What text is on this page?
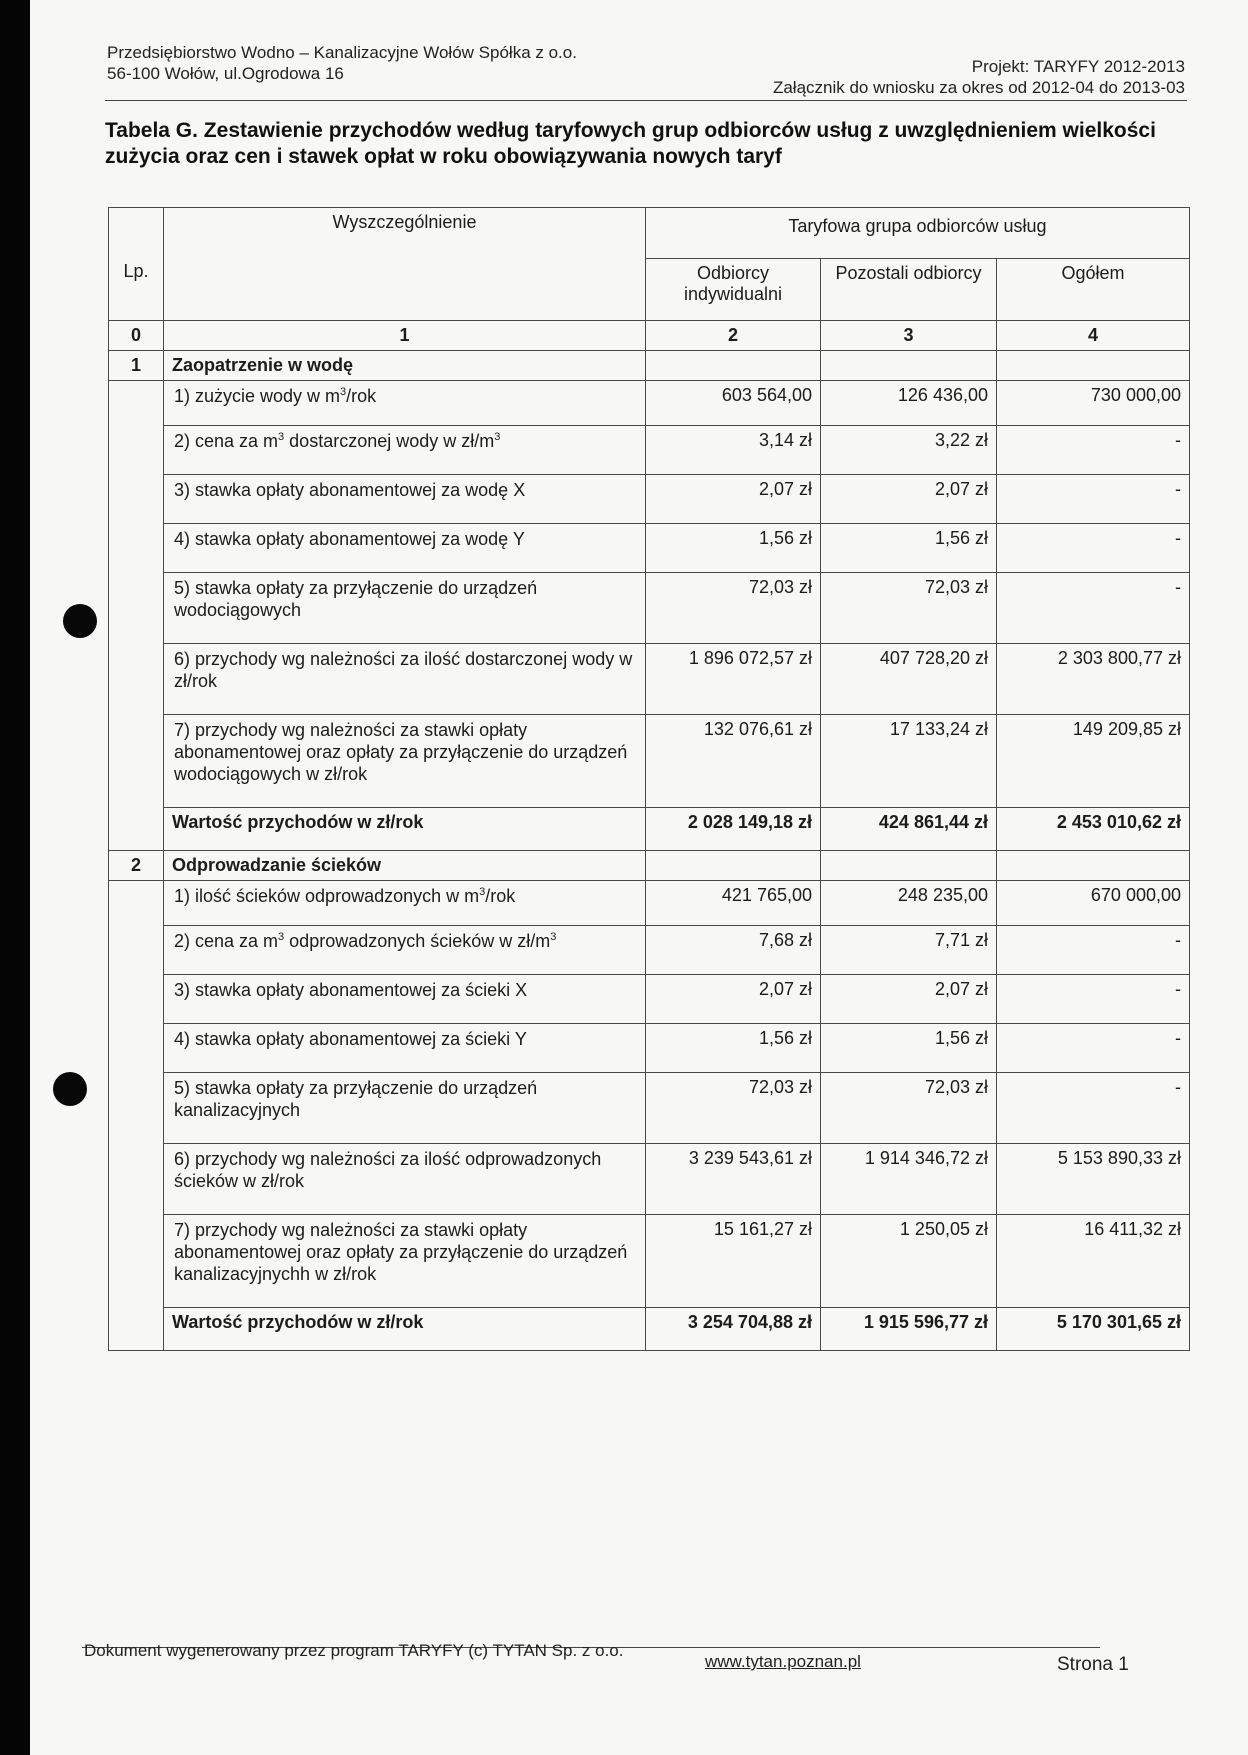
Przedsiębiorstwo Wodno – Kanalizacyjne Wołów Spółka z o.o.
56-100 Wołów, ul.Ogrodowa 16	Projekt: TARYFY 2012-2013
Załącznik do wniosku za okres od 2012-04 do 2013-03
Tabela G. Zestawienie przychodów według taryfowych grup odbiorców usług z uwzględnieniem wielkości zużycia oraz cen i stawek opłat w roku obowiązywania nowych taryf
Lp.	Wyszczególnienie	Taryfowa grupa odbiorców usług		
		Odbiorcy indywidualni	Pozostali odbiorcy	Ogółem
0	1	2	3	4
1	Zaopatrzenie w wodę			
	1) zużycie wody w $m^3$/rok	603 564,00	126 436,00	730 000,00
	2) cena za $m^3$ dostarczonej wody w $zł/m^3$	3,14 zł	3,22 zł	-
	3) stawka opłaty abonamentowej za wodę X	2,07 zł	2,07 zł	-
	4) stawka opłaty abonamentowej za wodę Y	1,56 zł	1,56 zł	-
	5) stawka opłaty za przyłączenie do urządzeń wodociągowych	72,03 zł	72,03 zł	-
	6) przychody wg należności za ilość dostarczonej wody w zł/rok	1 896 072,57 zł	407 728,20 zł	2 303 800,77 zł
	7) przychody wg należności za stawki opłaty abonamentowej oraz opłaty za przyłączenie do urządzeń wodociągowych w zł/rok	132 076,61 zł	17 133,24 zł	149 209,85 zł
	Wartość przychodów w zł/rok	2 028 149,18 zł	424 861,44 zł	2 453 010,62 zł
2	Odprowadzanie ścieków			
	1) ilość ścieków odprowadzonych w $m^3$/rok	421 765,00	248 235,00	670 000,00
	2) cena za $m^3$ odprowadzonych ścieków w $zł/m^3$	7,68 zł	7,71 zł	-
	3) stawka opłaty abonamentowej za ścieki X	2,07 zł	2,07 zł	-
	4) stawka opłaty abonamentowej za ścieki Y	1,56 zł	1,56 zł	-
	5) stawka opłaty za przyłączenie do urządzeń kanalizacyjnych	72,03 zł	72,03 zł	-
	6) przychody wg należności za ilość odprowadzonych ścieków w zł/rok	3 239 543,61 zł	1 914 346,72 zł	5 153 890,33 zł
	7) przychody wg należności za stawki opłaty abonamentowej oraz opłaty za przyłączenie do urządzeń kanalizacyjnychh w zł/rok	15 161,27 zł	1 250,05 zł	16 411,32 zł
	Wartość przychodów w zł/rok	3 254 704,88 zł	1 915 596,77 zł	5 170 301,65 zł
Dokument wygenerowany przez program TARYFY (c) TYTAN Sp. z o.o.
www.tytan.poznan.pl	Strona 1
